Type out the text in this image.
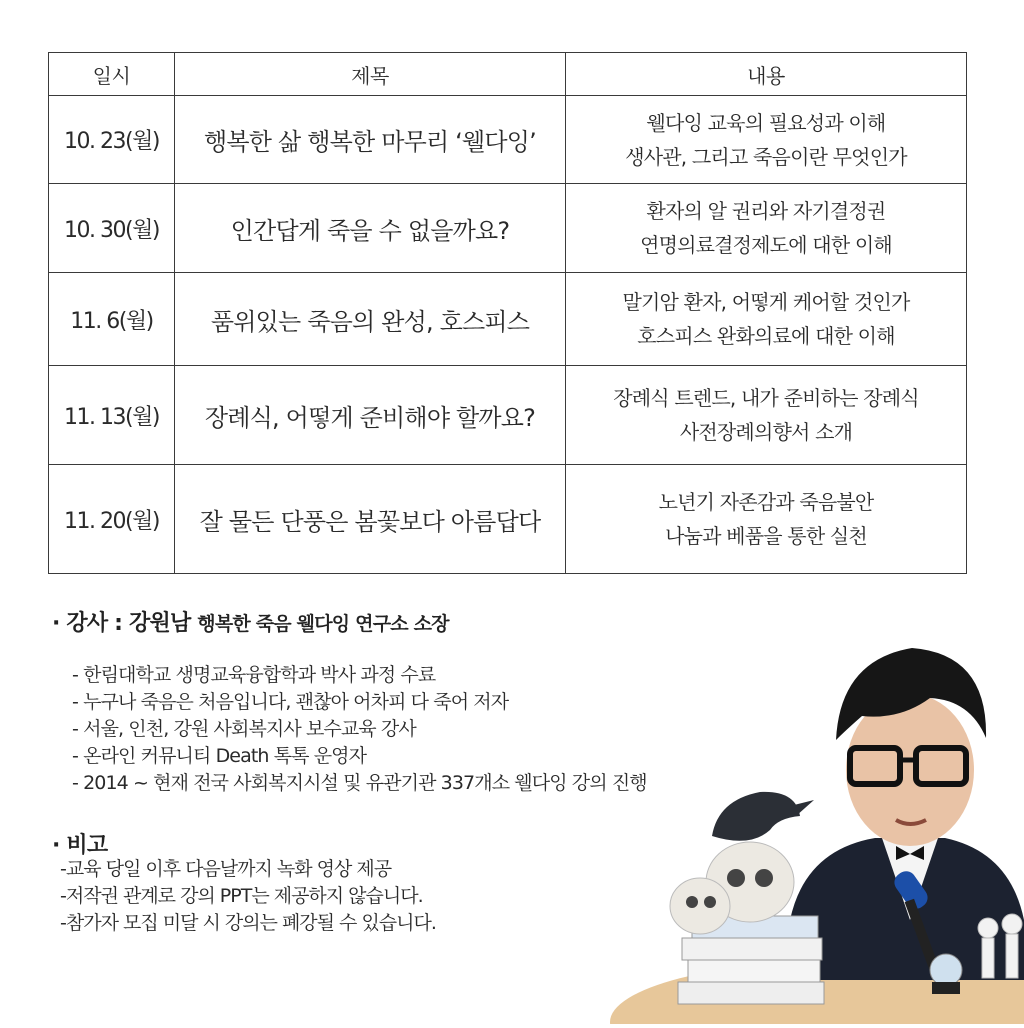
일시	제목	내용
10. 23(월)	행복한 삶 행복한 마무리 ‘웰다잉’	웰다잉 교육의 필요성과 이해
생사관, 그리고 죽음이란 무엇인가

10. 30(월)	인간답게 죽을 수 없을까요?	환자의 알 권리와 자기결정권
연명의료결정제도에 대한 이해

11. 6(월)	품위있는 죽음의 완성, 호스피스	말기암 환자, 어떻게 케어할 것인가
호스피스 완화의료에 대한 이해

11. 13(월)	장례식, 어떻게 준비해야 할까요?	장례식 트렌드, 내가 준비하는 장례식
사전장례의향서 소개

11. 20(월)	잘 물든 단풍은 봄꽃보다 아름답다	노년기 자존감과 죽음불안
나눔과 베품을 통한 실천
· 강사 : 강원남 행복한 죽음 웰다잉 연구소 소장
- 한림대학교 생명교육융합학과 박사 과정 수료
- 누구나 죽음은 처음입니다, 괜찮아 어차피 다 죽어 저자
- 서울, 인천, 강원 사회복지사 보수교육 강사
- 온라인 커뮤니티 Death 톡톡 운영자
- 2014 ~ 현재 전국 사회복지시설 및 유관기관 337개소 웰다잉 강의 진행
· 비고
- 교육 당일 이후 다음날까지 녹화 영상 제공
- 저작권 관계로 강의 PPT는 제공하지 않습니다.
- 참가자 모집 미달 시 강의는 폐강될 수 있습니다.
